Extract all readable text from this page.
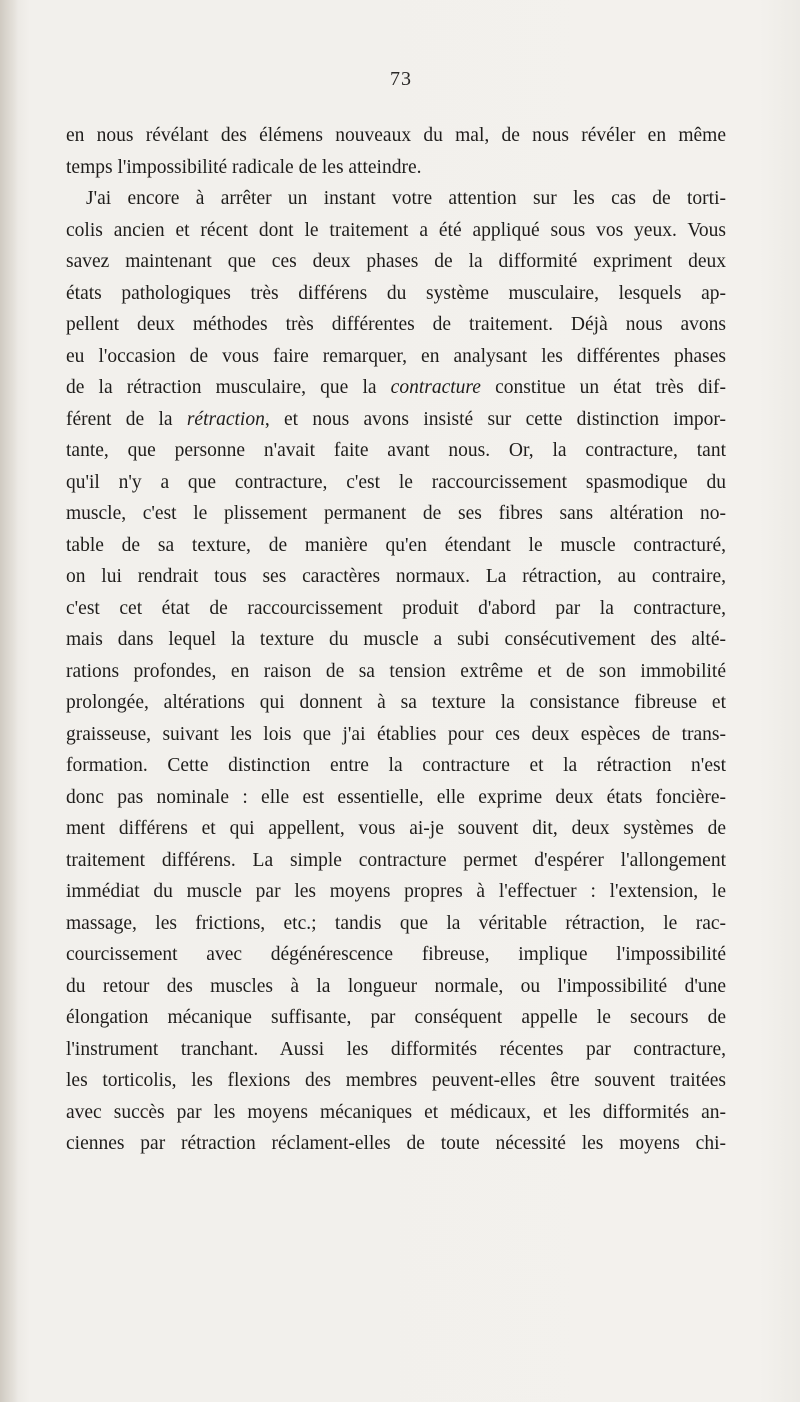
73
en nous révélant des élémens nouveaux du mal, de nous révéler en même
temps l'impossibilité radicale de les atteindre.
J'ai encore à arrêter un instant votre attention sur les cas de torti-
colis ancien et récent dont le traitement a été appliqué sous vos yeux. Vous
savez maintenant que ces deux phases de la difformité expriment deux
états pathologiques très différens du système musculaire, lesquels ap-
pellent deux méthodes très différentes de traitement. Déjà nous avons
eu l'occasion de vous faire remarquer, en analysant les différentes phases
de la rétraction musculaire, que la contracture constitue un état très dif-
férent de la rétraction, et nous avons insisté sur cette distinction impor-
tante, que personne n'avait faite avant nous. Or, la contracture, tant
qu'il n'y a que contracture, c'est le raccourcissement spasmodique du
muscle, c'est le plissement permanent de ses fibres sans altération no-
table de sa texture, de manière qu'en étendant le muscle contracturé,
on lui rendrait tous ses caractères normaux. La rétraction, au contraire,
c'est cet état de raccourcissement produit d'abord par la contracture,
mais dans lequel la texture du muscle a subi consécutivement des alté-
rations profondes, en raison de sa tension extrême et de son immobilité
prolongée, altérations qui donnent à sa texture la consistance fibreuse et
graisseuse, suivant les lois que j'ai établies pour ces deux espèces de trans-
formation. Cette distinction entre la contracture et la rétraction n'est
donc pas nominale : elle est essentielle, elle exprime deux états foncière-
ment différens et qui appellent, vous ai-je souvent dit, deux systèmes de
traitement différens. La simple contracture permet d'espérer l'allongement
immédiat du muscle par les moyens propres à l'effectuer : l'extension, le
massage, les frictions, etc.; tandis que la véritable rétraction, le rac-
courcissement avec dégénérescence fibreuse, implique l'impossibilité
du retour des muscles à la longueur normale, ou l'impossibilité d'une
élongation mécanique suffisante, par conséquent appelle le secours de
l'instrument tranchant. Aussi les difformités récentes par contracture,
les torticolis, les flexions des membres peuvent-elles être souvent traitées
avec succès par les moyens mécaniques et médicaux, et les difformités an-
ciennes par rétraction réclament-elles de toute nécessité les moyens chi-
